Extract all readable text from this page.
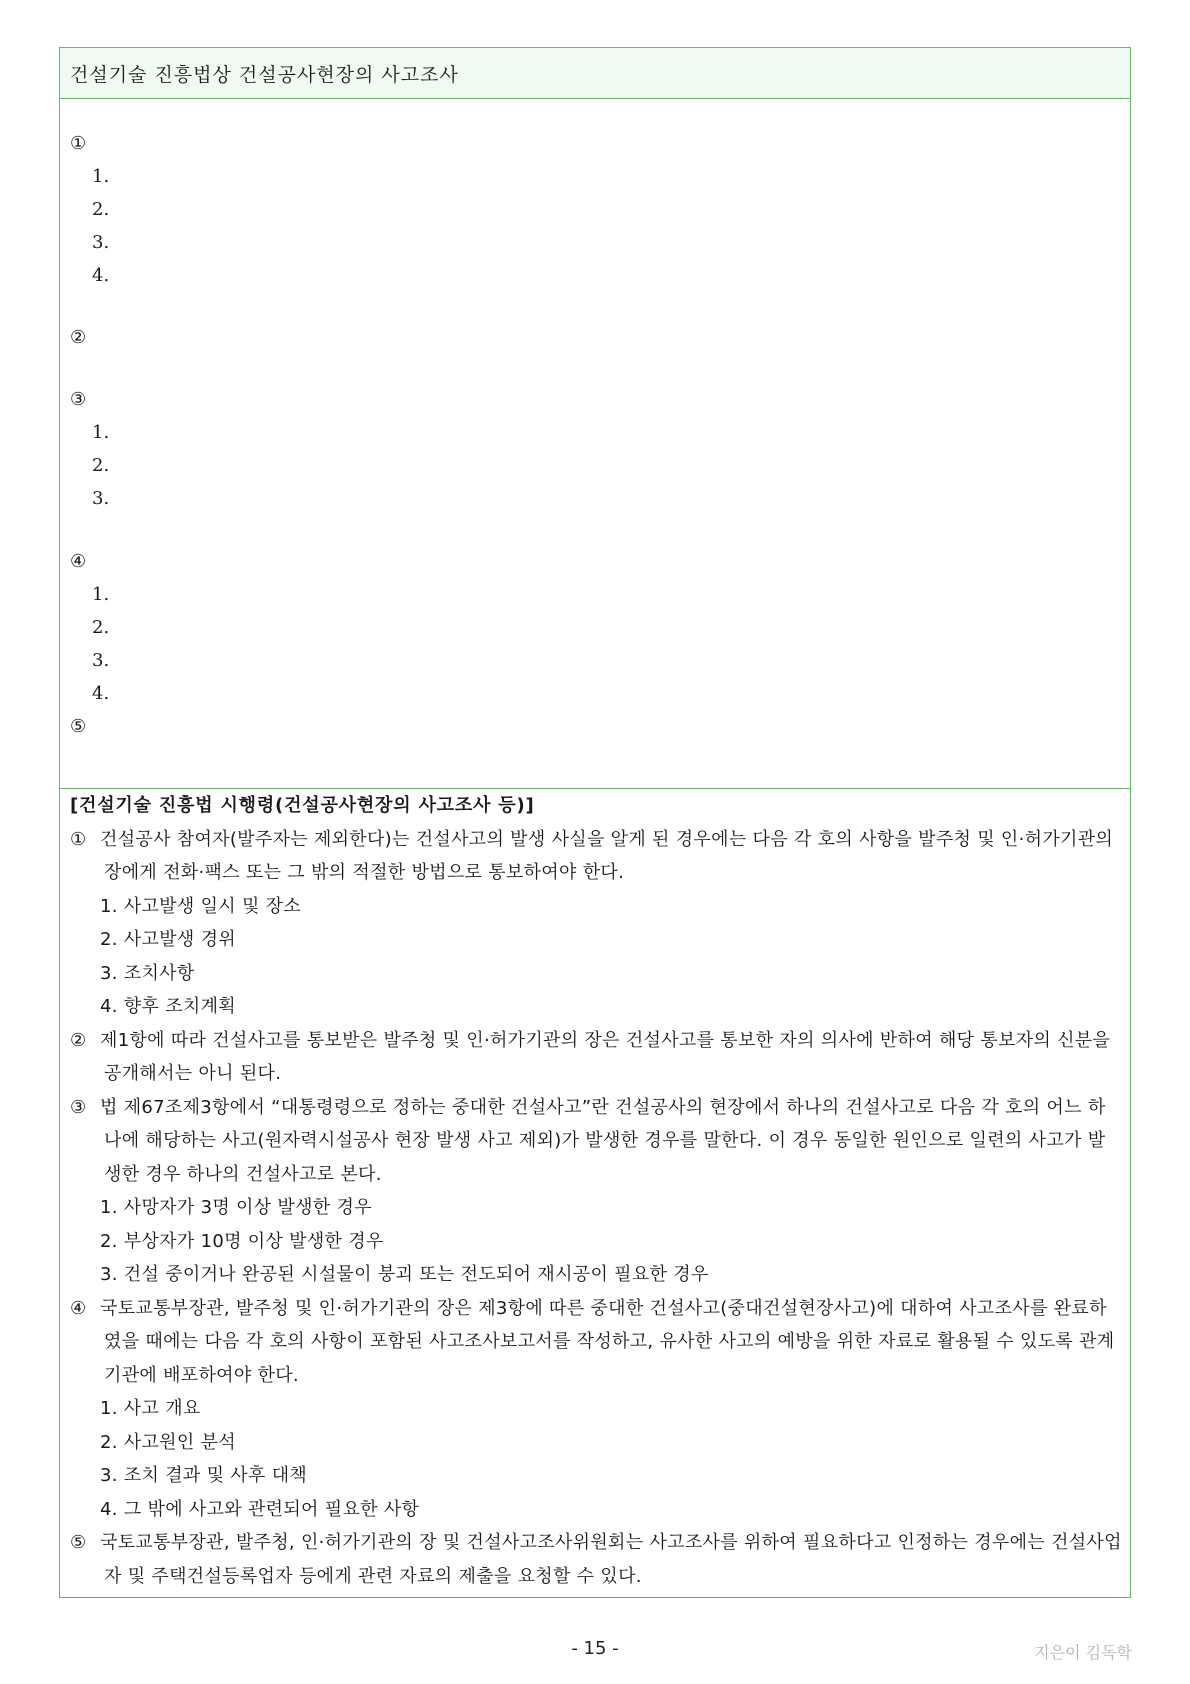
건설기술 진흥법상 건설공사현장의 사고조사
①
1.
2.
3.
4.
②
③
1.
2.
3.
④
1.
2.
3.
4.
⑤
[건설기술 진흥법 시행령(건설공사현장의 사고조사 등)]
① 건설공사 참여자(발주자는 제외한다)는 건설사고의 발생 사실을 알게 된 경우에는 다음 각 호의 사항을 발주청 및 인·허가기관의 장에게 전화·팩스 또는 그 밖의 적절한 방법으로 통보하여야 한다.
1. 사고발생 일시 및 장소
2. 사고발생 경위
3. 조치사항
4. 향후 조치계획
② 제1항에 따라 건설사고를 통보받은 발주청 및 인·허가기관의 장은 건설사고를 통보한 자의 의사에 반하여 해당 통보자의 신분을 공개해서는 아니 된다.
③ 법 제67조제3항에서 “대통령령으로 정하는 중대한 건설사고”란 건설공사의 현장에서 하나의 건설사고로 다음 각 호의 어느 하나에 해당하는 사고(원자력시설공사 현장 발생 사고 제외)가 발생한 경우를 말한다. 이 경우 동일한 원인으로 일련의 사고가 발생한 경우 하나의 건설사고로 본다.
1. 사망자가 3명 이상 발생한 경우
2. 부상자가 10명 이상 발생한 경우
3. 건설 중이거나 완공된 시설물이 붕괴 또는 전도되어 재시공이 필요한 경우
④ 국토교통부장관, 발주청 및 인·허가기관의 장은 제3항에 따른 중대한 건설사고(중대건설현장사고)에 대하여 사고조사를 완료하였을 때에는 다음 각 호의 사항이 포함된 사고조사보고서를 작성하고, 유사한 사고의 예방을 위한 자료로 활용될 수 있도록 관계기관에 배포하여야 한다.
1. 사고 개요
2. 사고원인 분석
3. 조치 결과 및 사후 대책
4. 그 밖에 사고와 관련되어 필요한 사항
⑤ 국토교통부장관, 발주청, 인·허가기관의 장 및 건설사고조사위원회는 사고조사를 위하여 필요하다고 인정하는 경우에는 건설사업자 및 주택건설등록업자 등에게 관련 자료의 제출을 요청할 수 있다.
- 15 -	지은이 김독학
